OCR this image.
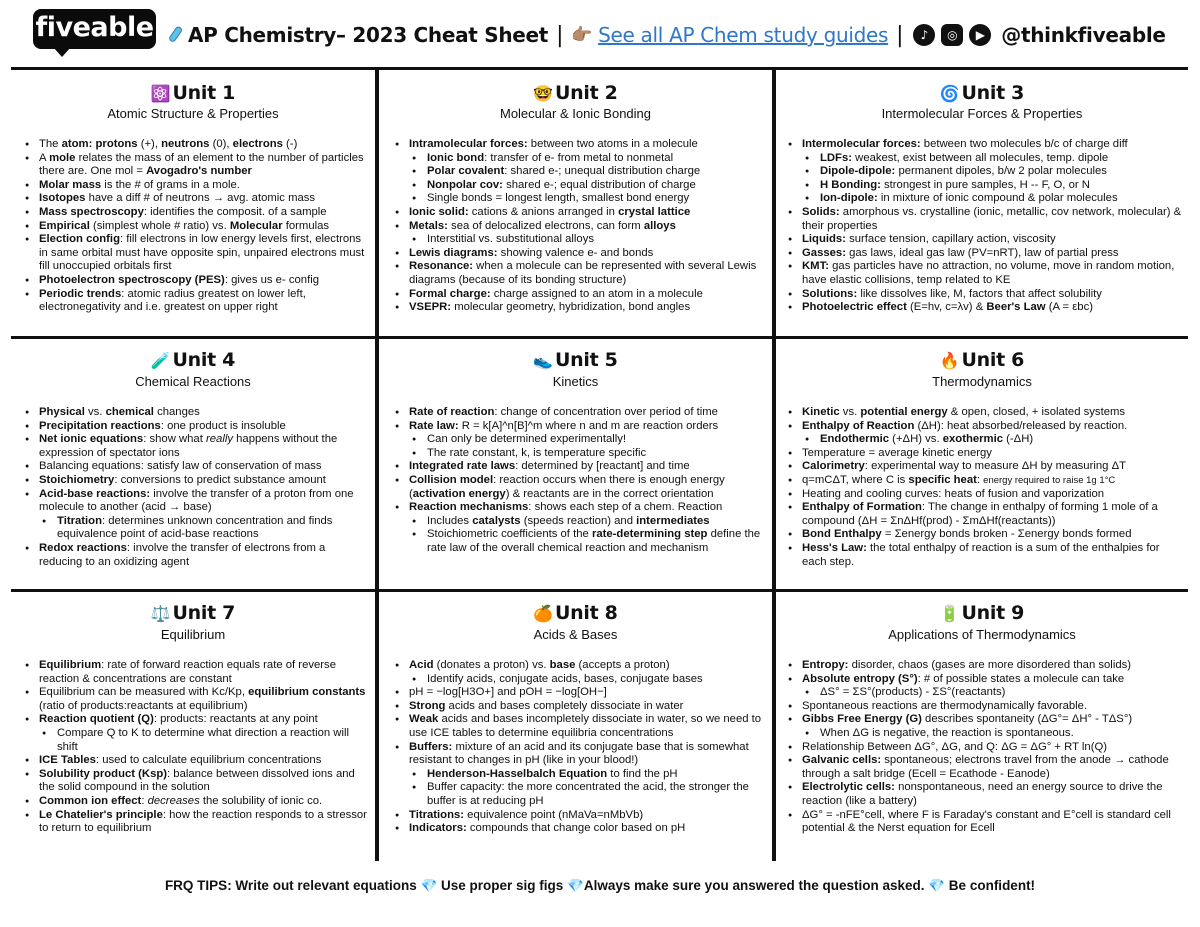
fiveable AP Chemistry– 2023 Cheat Sheet | 👉🏽 See all AP Chem study guides |	♪	◎	▶ @thinkfiveable
⚛️ Unit 1
Atomic Structure & Properties
● The atom: protons (+), neutrons (0), electrons (-)
● A mole relates the mass of an element to the number of particles there are. One mol = Avogadro's number
● Molar mass is the # of grams in a mole.
● Isotopes have a diff # of neutrons → avg. atomic mass
● Mass spectroscopy: identifies the composit. of a sample
● Empirical (simplest whole # ratio) vs. Molecular formulas
● Election config: fill electrons in low energy levels first, electrons in same orbital must have opposite spin, unpaired electrons must fill unoccupied orbitals first
● Photoelectron spectroscopy (PES): gives us e- config
● Periodic trends: atomic radius greatest on lower left, electronegativity and i.e. greatest on upper right
🤓 Unit 2
Molecular & Ionic Bonding
● Intramolecular forces: between two atoms in a molecule
● Ionic bond: transfer of e- from metal to nonmetal
● Polar covalent: shared e-; unequal distribution charge
● Nonpolar cov: shared e-; equal distribution of charge
● Single bonds = longest length, smallest bond energy
● Ionic solid: cations & anions arranged in crystal lattice
● Metals: sea of delocalized electrons, can form alloys
● Interstitial vs. substitutional alloys
● Lewis diagrams: showing valence e- and bonds
● Resonance: when a molecule can be represented with several Lewis diagrams (because of its bonding structure)
● Formal charge: charge assigned to an atom in a molecule
● VSEPR: molecular geometry, hybridization, bond angles
🌀 Unit 3
Intermolecular Forces & Properties
● Intermolecular forces: between two molecules b/c of charge diff
● LDFs: weakest, exist between all molecules, temp. dipole
● Dipole-dipole: permanent dipoles, b/w 2 polar molecules
● H Bonding: strongest in pure samples, H -- F, O, or N
● Ion-dipole: in mixture of ionic compound & polar molecules
● Solids: amorphous vs. crystalline (ionic, metallic, cov network, molecular) & their properties
● Liquids: surface tension, capillary action, viscosity
● Gasses: gas laws, ideal gas law (PV=nRT), law of partial press
● KMT: gas particles have no attraction, no volume, move in random motion, have elastic collisions, temp related to KE
● Solutions: like dissolves like, M, factors that affect solubility
● Photoelectric effect (E=hv, c=λv) & Beer's Law (A = εbc)
🧪 Unit 4
Chemical Reactions
● Physical vs. chemical changes
● Precipitation reactions: one product is insoluble
● Net ionic equations: show what really happens without the expression of spectator ions
● Balancing equations: satisfy law of conservation of mass
● Stoichiometry: conversions to predict substance amount
● Acid-base reactions: involve the transfer of a proton from one molecule to another (acid → base)
● Titration: determines unknown concentration and finds equivalence point of acid-base reactions
● Redox reactions: involve the transfer of electrons from a reducing to an oxidizing agent
👟 Unit 5
Kinetics
● Rate of reaction: change of concentration over period of time
● Rate law: R = k[A]^n[B]^m where n and m are reaction orders
● Can only be determined experimentally!
● The rate constant, k, is temperature specific
● Integrated rate laws: determined by [reactant] and time
● Collision model: reaction occurs when there is enough energy (activation energy) & reactants are in the correct orientation
● Reaction mechanisms: shows each step of a chem. Reaction
● Includes catalysts (speeds reaction) and intermediates
● Stoichiometric coefficients of the rate-determining step define the rate law of the overall chemical reaction and mechanism
🔥 Unit 6
Thermodynamics
● Kinetic vs. potential energy & open, closed, + isolated systems
● Enthalpy of Reaction (ΔH): heat absorbed/released by reaction.
● Endothermic (+ΔH) vs. exothermic (-ΔH)
● Temperature = average kinetic energy
● Calorimetry: experimental way to measure ΔH by measuring ΔT
● q=mCΔT, where C is specific heat: energy required to raise 1g 1°C
● Heating and cooling curves: heats of fusion and vaporization
● Enthalpy of Formation: The change in enthalpy of forming 1 mole of a compound (ΔH = ΣnΔHf(prod) - ΣmΔHf(reactants))
● Bond Enthalpy = Σenergy bonds broken - Σenergy bonds formed
● Hess's Law: the total enthalpy of reaction is a sum of the enthalpies for each step.
⚖️ Unit 7
Equilibrium
● Equilibrium: rate of forward reaction equals rate of reverse reaction & concentrations are constant
● Equilibrium can be measured with Kc/Kp, equilibrium constants (ratio of products:reactants at equilibrium)
● Reaction quotient (Q): products: reactants at any point
● Compare Q to K to determine what direction a reaction will shift
● ICE Tables: used to calculate equilibrium concentrations
● Solubility product (Ksp): balance between dissolved ions and the solid compound in the solution
● Common ion effect: decreases the solubility of ionic co.
● Le Chatelier's principle: how the reaction responds to a stressor to return to equilibrium
🍊 Unit 8
Acids & Bases
● Acid (donates a proton) vs. base (accepts a proton)
● Identify acids, conjugate acids, bases, conjugate bases
● pH = −log[H3O+] and pOH = −log[OH−]
● Strong acids and bases completely dissociate in water
● Weak acids and bases incompletely dissociate in water, so we need to use ICE tables to determine equilibria concentrations
● Buffers: mixture of an acid and its conjugate base that is somewhat resistant to changes in pH (like in your blood!)
● Henderson-Hasselbalch Equation to find the pH
● Buffer capacity: the more concentrated the acid, the stronger the buffer is at reducing pH
● Titrations: equivalence point (nMaVa=nMbVb)
● Indicators: compounds that change color based on pH
🔋 Unit 9
Applications of Thermodynamics
● Entropy: disorder, chaos (gases are more disordered than solids)
● Absolute entropy (S°): # of possible states a molecule can take
● ΔS° = ΣS°(products) - ΣS°(reactants)
● Spontaneous reactions are thermodynamically favorable.
● Gibbs Free Energy (G) describes spontaneity (ΔG°= ΔH° - TΔS°)
● When ΔG is negative, the reaction is spontaneous.
● Relationship Between ΔG°, ΔG, and Q: ΔG = ΔG° + RT ln(Q)
● Galvanic cells: spontaneous; electrons travel from the anode → cathode through a salt bridge (Ecell = Ecathode - Eanode)
● Electrolytic cells: nonspontaneous, need an energy source to drive the reaction (like a battery)
● ΔG° = -nFE°cell, where F is Faraday's constant and E°cell is standard cell potential & the Nerst equation for Ecell
FRQ TIPS: Write out relevant equations 💎 Use proper sig figs 💎Always make sure you answered the question asked. 💎 Be confident!
